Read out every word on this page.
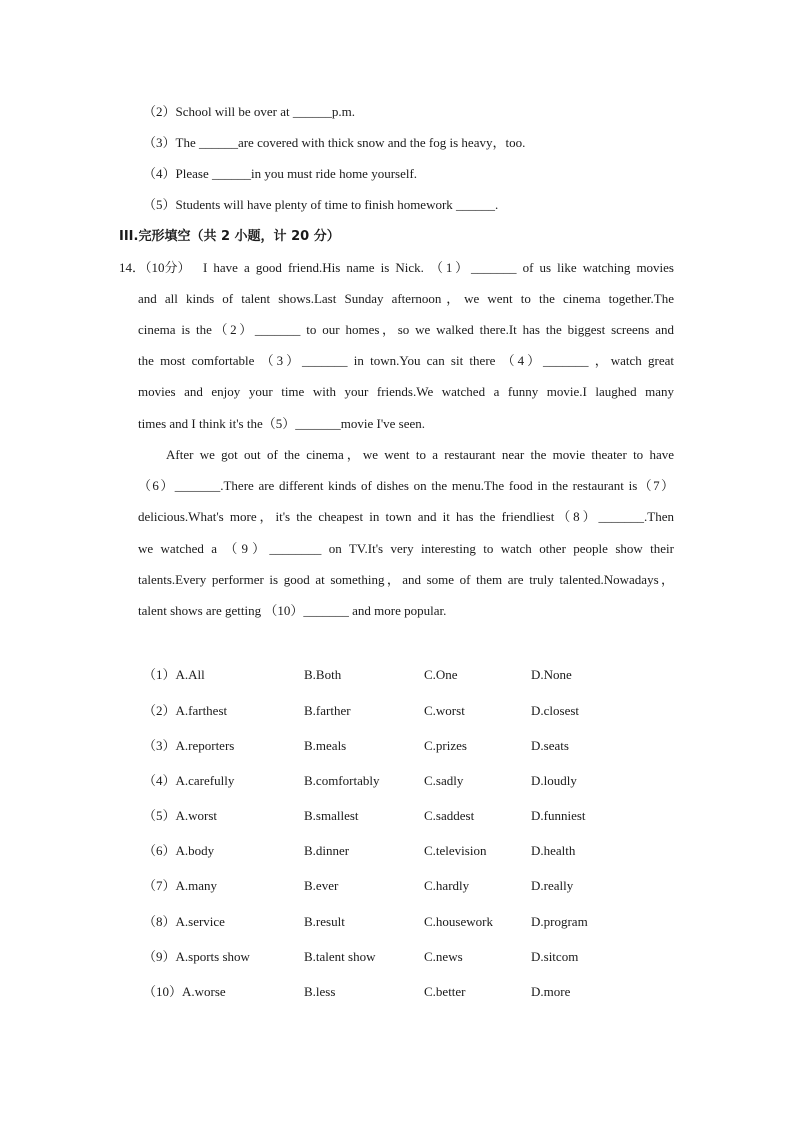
（2）School will be over at ______p.m.
（3）The ______are covered with thick snow and the fog is heavy，too.
（4）Please ______in you must ride home yourself.
（5）Students will have plenty of time to finish homework ______.
III.完形填空（共 2 小题，计 20 分）
14．（10分） I have a good friend.His name is Nick. （1）_______ of us like watching movies
and all kinds of talent shows.Last Sunday afternoon，we went to the cinema together.The
cinema is the（2）_______ to our homes，so we walked there.It has the biggest screens and
the most comfortable （3）_______ in town.You can sit there （4）_______ ，watch great
movies and enjoy your time with your friends.We watched a funny movie.I laughed many
times and I think it's the（5）_______movie I've seen.
After we got out of the cinema，we went to a restaurant near the movie theater to have
（6）_______.There are different kinds of dishes on the menu.The food in the restaurant is（7）
delicious.What's more，it's the cheapest in town and it has the friendliest（8）_______.Then
we watched a （9）________ on TV.It's very interesting to watch other people show their
talents.Every performer is good at something，and some of them are truly talented.Nowadays，
talent shows are getting （10）_______ and more popular.
（1）A.All	B.Both	C.One	D.None
（2）A.farthest	B.farther	C.worst	D.closest
（3）A.reporters	B.meals	C.prizes	D.seats
（4）A.carefully	B.comfortably	C.sadly	D.loudly
（5）A.worst	B.smallest	C.saddest	D.funniest
（6）A.body	B.dinner	C.television	D.health
（7）A.many	B.ever	C.hardly	D.really
（8）A.service	B.result	C.housework	D.program
（9）A.sports show	B.talent show	C.news	D.sitcom
（10）A.worse	B.less	C.better	D.more
